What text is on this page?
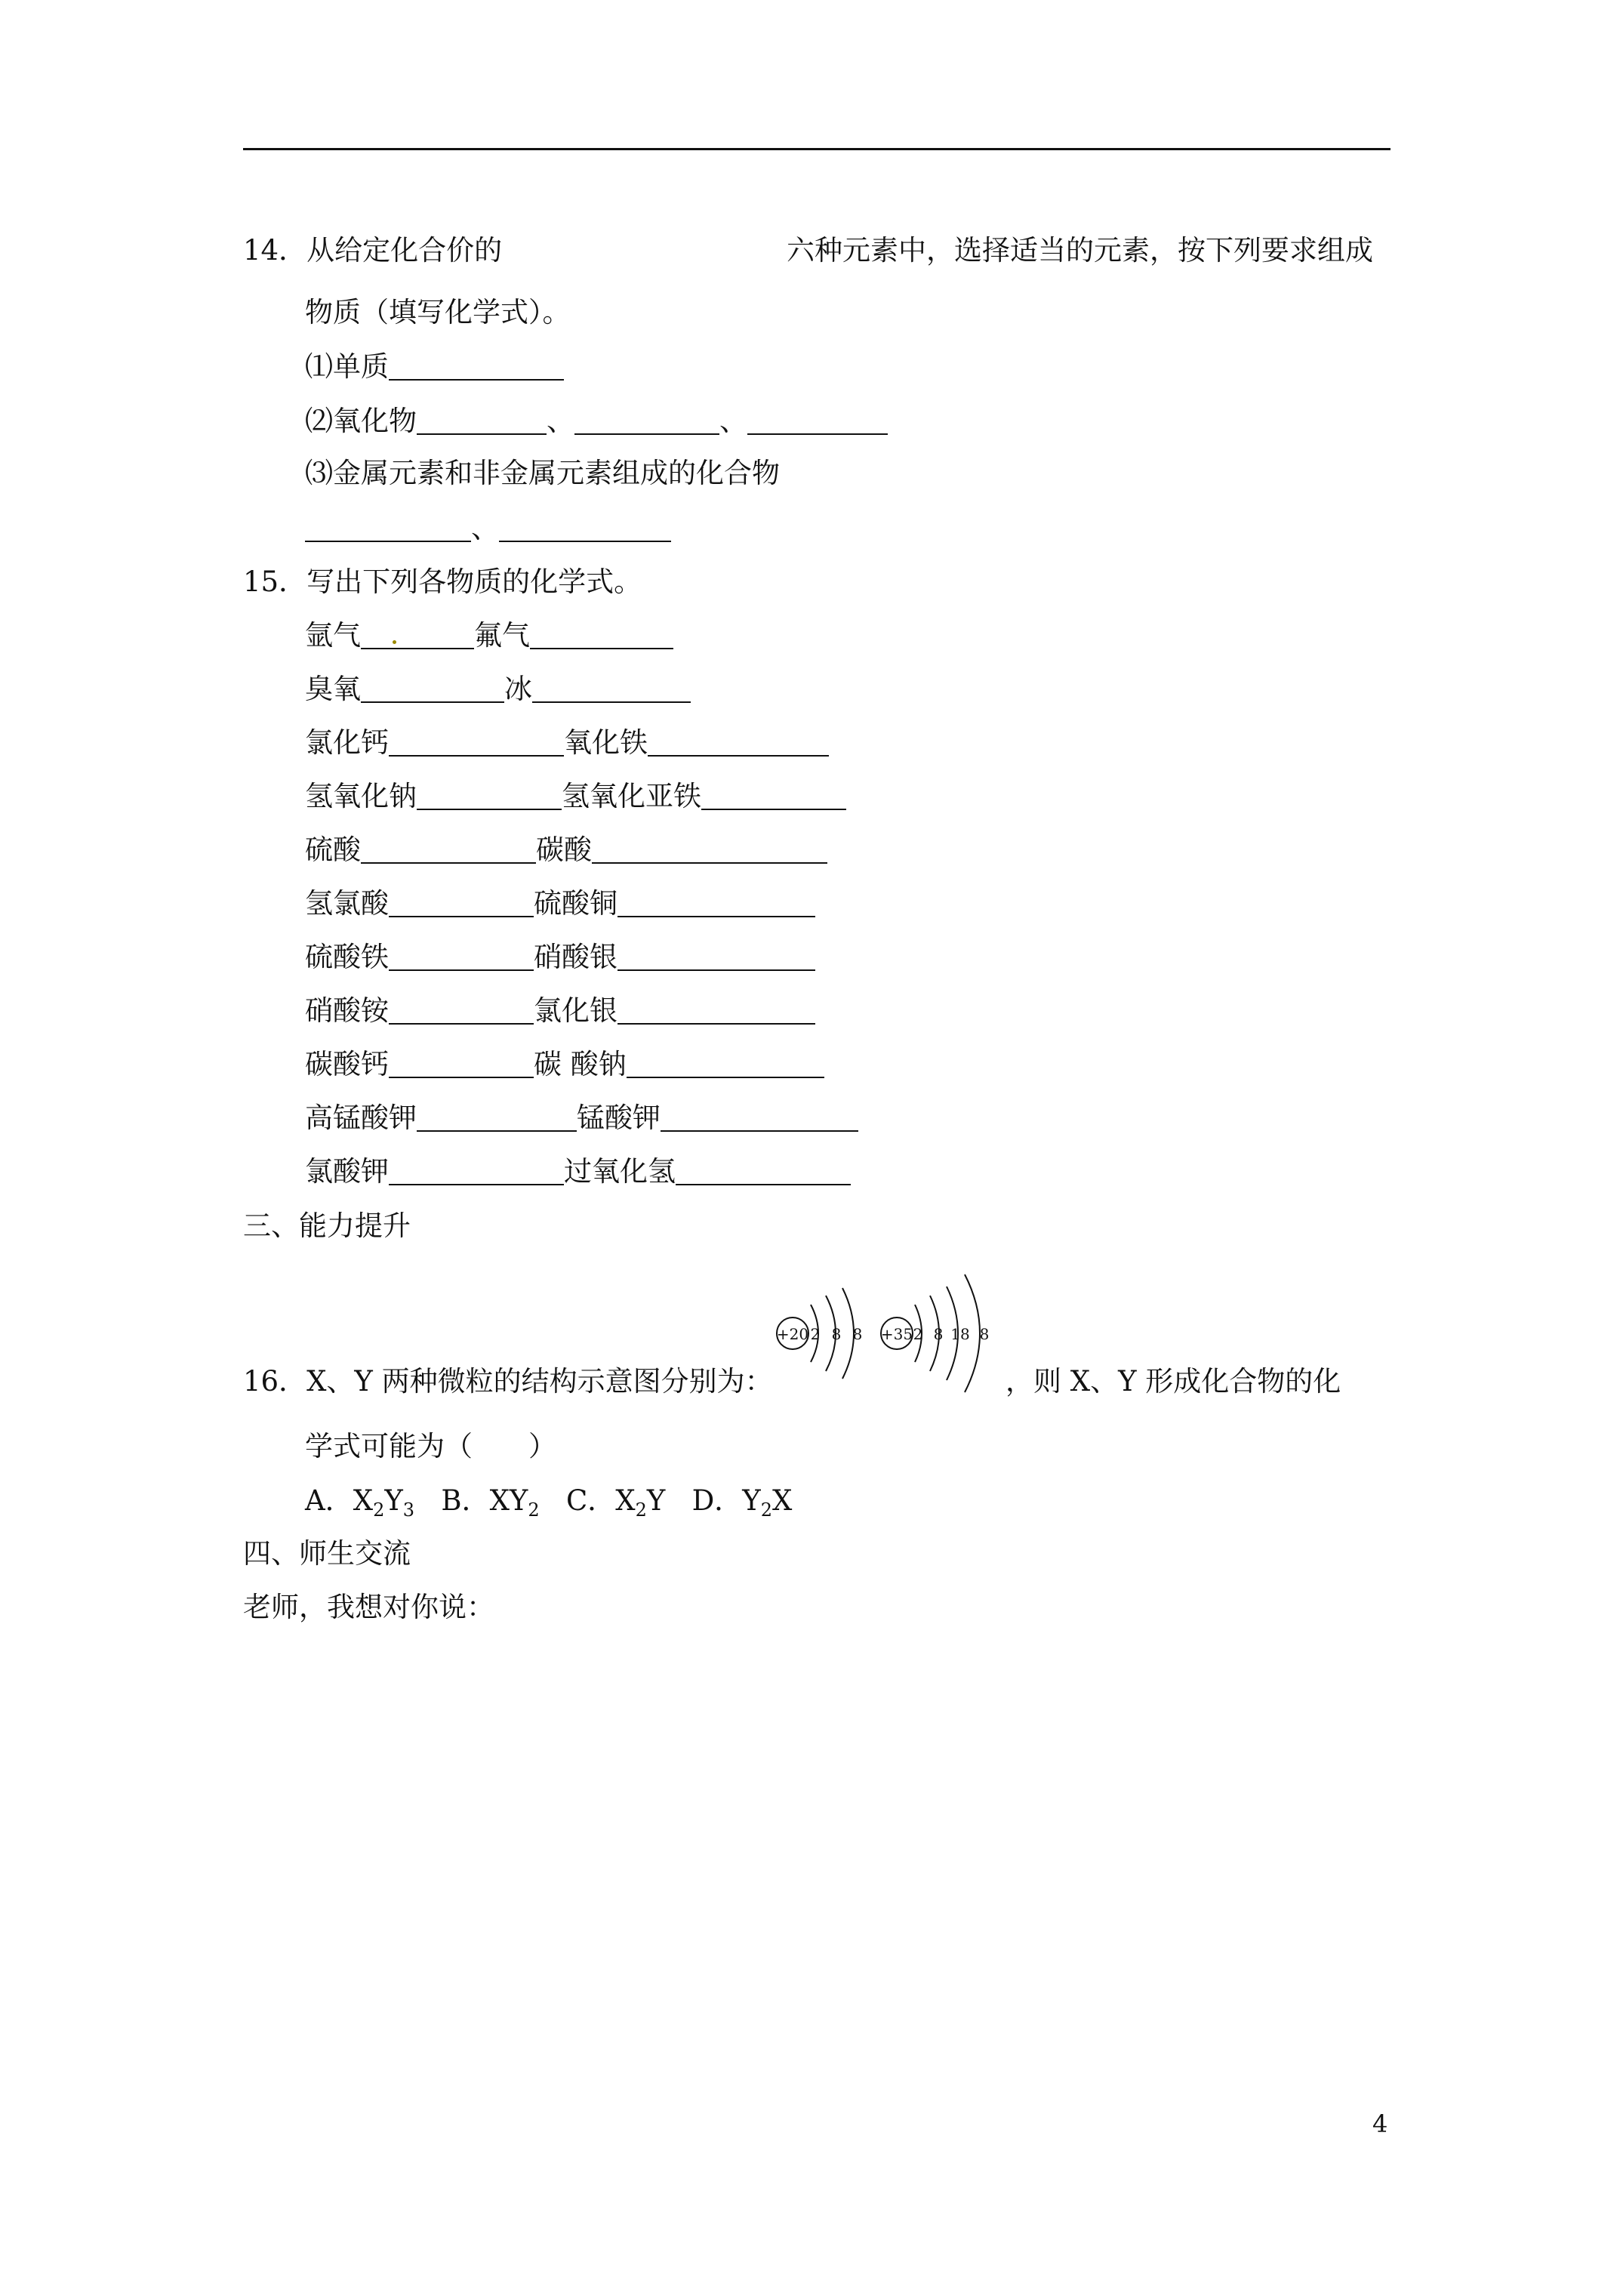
14．从给定化合价的	六种元素中，选择适当的元素，按下列要求组成
物质（填写化学式）。
⑴单质
⑵氧化物	、	、
⑶金属元素和非金属元素组成的化合物
、
15．写出下列各物质的化学式。
氩气	氟气
臭氧	冰
氯化钙	氧化铁
氢氧化钠	氢氧化亚铁
硫酸	碳酸
氢氯酸	硫酸铜
硫酸铁	硝酸银
硝酸铵	氯化银
碳酸钙	碳 酸钠
高锰酸钾	锰酸钾
氯酸钾	过氧化氢
三、能力提升
+20 2 8 8 +35 2 8 18 8
16．X、Y 两种微粒的结构示意图分别为：	，则 X、Y 形成化合物的化
学式可能为（　　）
A．$X_2Y_3$ B．$XY_2$ C．$X_2Y$ D．$Y_2X$
四、师生交流
老师，我想对你说：
4
